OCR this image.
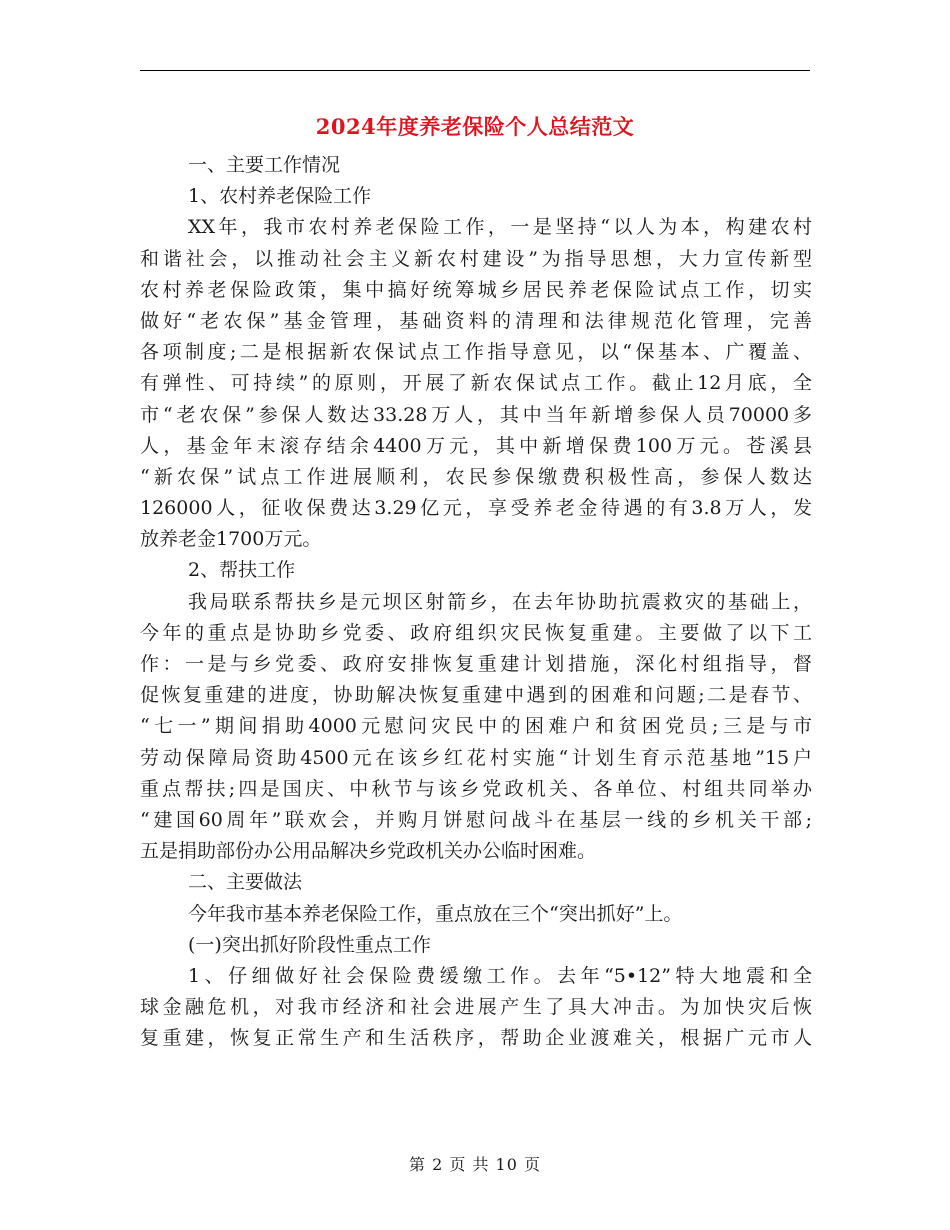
2024年度养老保险个人总结范文
一、主要工作情况
1、农村养老保险工作
XX年，我市农村养老保险工作，一是坚持“以人为本，构建农村
和谐社会，以推动社会主义新农村建设”为指导思想，大力宣传新型
农村养老保险政策，集中搞好统筹城乡居民养老保险试点工作，切实
做好“老农保”基金管理，基础资料的清理和法律规范化管理，完善
各项制度;二是根据新农保试点工作指导意见，以“保基本、广覆盖、
有弹性、可持续”的原则，开展了新农保试点工作。截止12月底，全
市“老农保”参保人数达33.28万人，其中当年新增参保人员70000多
人，基金年末滚存结余4400万元，其中新增保费100万元。苍溪县
“新农保”试点工作进展顺利，农民参保缴费积极性高，参保人数达
126000人，征收保费达3.29亿元，享受养老金待遇的有3.8万人，发
放养老金1700万元。
2、帮扶工作
我局联系帮扶乡是元坝区射箭乡，在去年协助抗震救灾的基础上，
今年的重点是协助乡党委、政府组织灾民恢复重建。主要做了以下工
作：一是与乡党委、政府安排恢复重建计划措施，深化村组指导，督
促恢复重建的进度，协助解决恢复重建中遇到的困难和问题;二是春节、
“七一”期间捐助4000元慰问灾民中的困难户和贫困党员;三是与市
劳动保障局资助4500元在该乡红花村实施“计划生育示范基地”15户
重点帮扶;四是国庆、中秋节与该乡党政机关、各单位、村组共同举办
“建国60周年”联欢会，并购月饼慰问战斗在基层一线的乡机关干部;
五是捐助部份办公用品解决乡党政机关办公临时困难。
二、主要做法
今年我市基本养老保险工作，重点放在三个“突出抓好”上。
(一)突出抓好阶段性重点工作
1、仔细做好社会保险费缓缴工作。去年“5•12”特大地震和全
球金融危机，对我市经济和社会进展产生了具大冲击。为加快灾后恢
复重建，恢复正常生产和生活秩序，帮助企业渡难关，根据广元市人
第 2 页 共 10 页
